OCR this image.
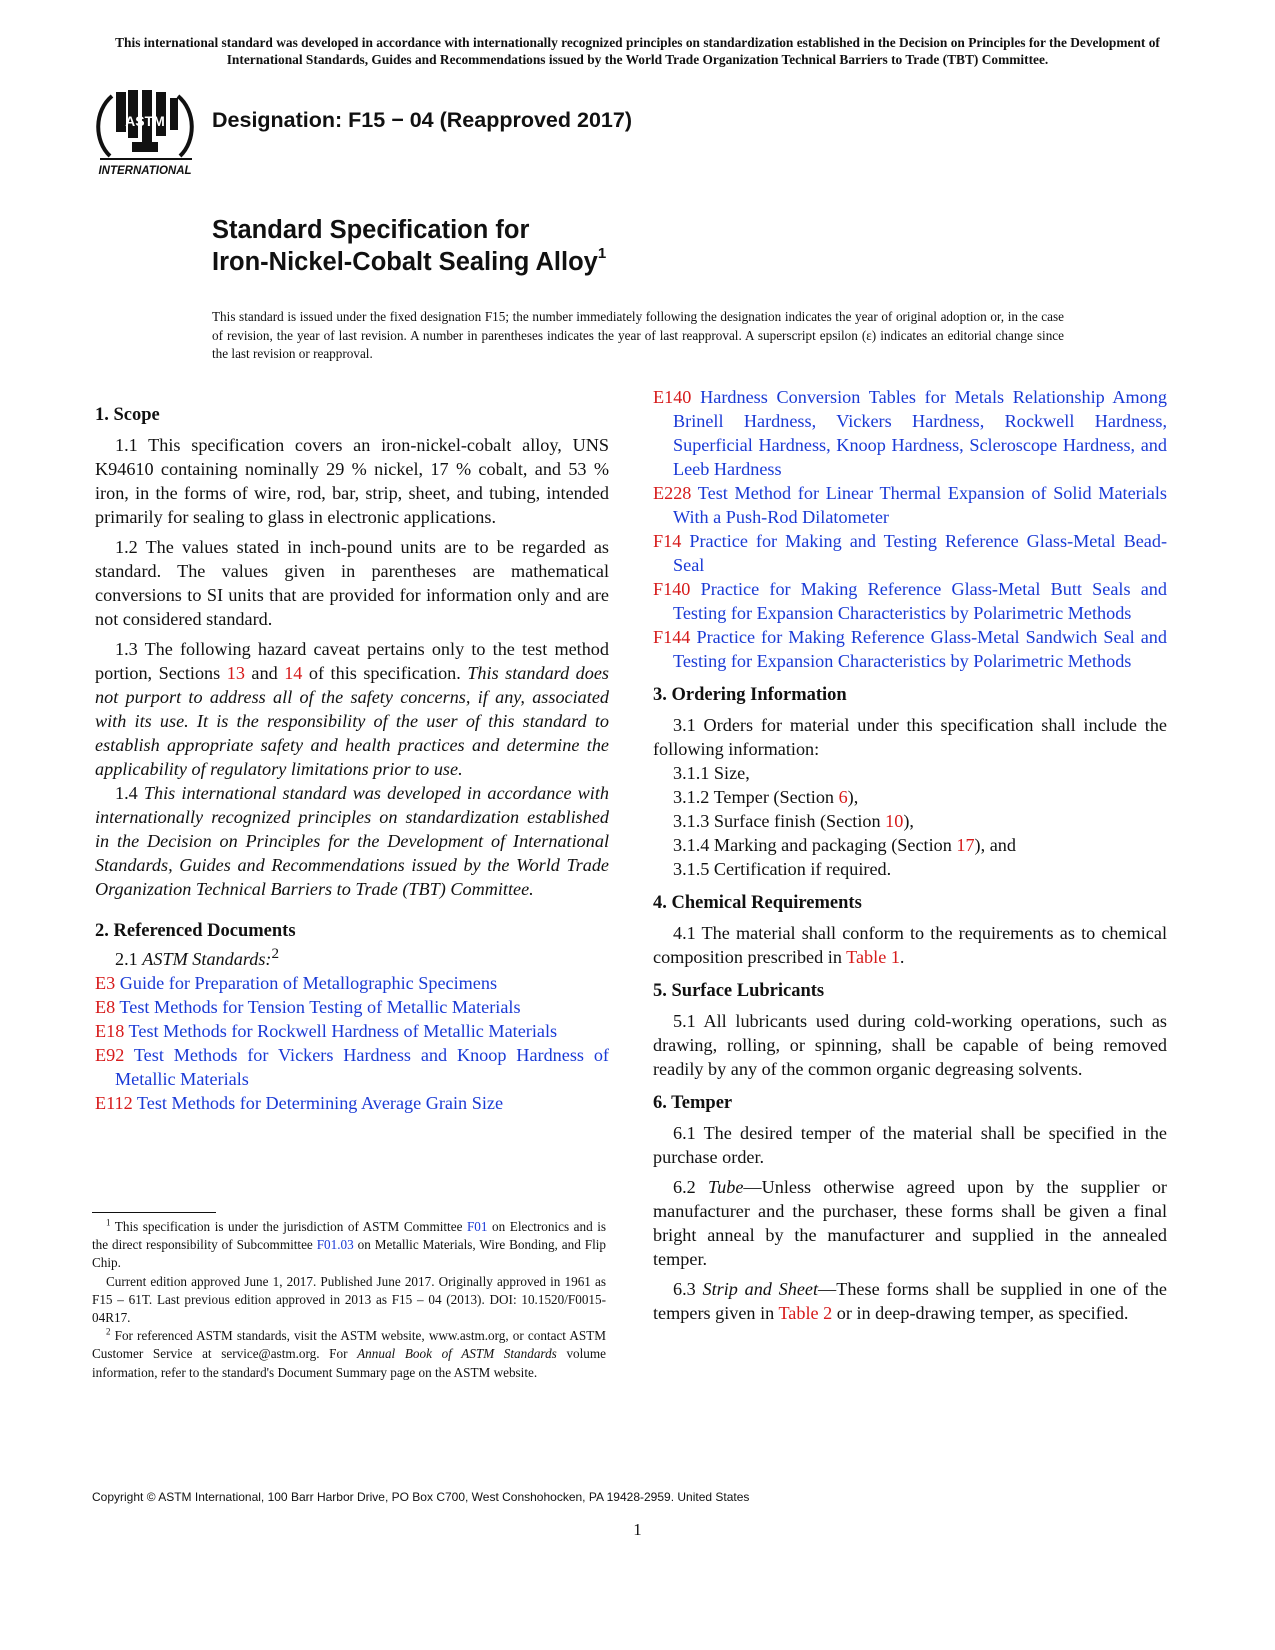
This international standard was developed in accordance with internationally recognized principles on standardization established in the Decision on Principles for the Development of International Standards, Guides and Recommendations issued by the World Trade Organization Technical Barriers to Trade (TBT) Committee.
ASTM
INTERNATIONAL
Designation: F15 − 04 (Reapproved 2017)
Standard Specification for
Iron-Nickel-Cobalt Sealing Alloy$^1$
This standard is issued under the fixed designation F15; the number immediately following the designation indicates the year of original adoption or, in the case of revision, the year of last revision. A number in parentheses indicates the year of last reapproval. A superscript epsilon (ε) indicates an editorial change since the last revision or reapproval.
1. Scope

1.1 This specification covers an iron-nickel-cobalt alloy, UNS K94610 containing nominally 29 % nickel, 17 % cobalt, and 53 % iron, in the forms of wire, rod, bar, strip, sheet, and tubing, intended primarily for sealing to glass in electronic applications.

1.2 The values stated in inch-pound units are to be regarded as standard. The values given in parentheses are mathematical conversions to SI units that are provided for information only and are not considered standard.

1.3 The following hazard caveat pertains only to the test method portion, Sections 13 and 14 of this specification. This standard does not purport to address all of the safety concerns, if any, associated with its use. It is the responsibility of the user of this standard to establish appropriate safety and health practices and determine the applicability of regulatory limitations prior to use.

1.4 This international standard was developed in accordance with internationally recognized principles on standardization established in the Decision on Principles for the Development of International Standards, Guides and Recommendations issued by the World Trade Organization Technical Barriers to Trade (TBT) Committee.

2. Referenced Documents

2.1 ASTM Standards:$^2$

E3 Guide for Preparation of Metallographic Specimens

E8 Test Methods for Tension Testing of Metallic Materials

E18 Test Methods for Rockwell Hardness of Metallic Materials

E92 Test Methods for Vickers Hardness and Knoop Hardness of Metallic Materials

E112 Test Methods for Determining Average Grain Size

E140 Hardness Conversion Tables for Metals Relationship Among Brinell Hardness, Vickers Hardness, Rockwell Hardness, Superficial Hardness, Knoop Hardness, Scleroscope Hardness, and Leeb Hardness

E228 Test Method for Linear Thermal Expansion of Solid Materials With a Push-Rod Dilatometer

F14 Practice for Making and Testing Reference Glass-Metal Bead-Seal

F140 Practice for Making Reference Glass-Metal Butt Seals and Testing for Expansion Characteristics by Polarimetric Methods

F144 Practice for Making Reference Glass-Metal Sandwich Seal and Testing for Expansion Characteristics by Polarimetric Methods

3. Ordering Information

3.1 Orders for material under this specification shall include the following information:

3.1.1 Size,

3.1.2 Temper (Section 6),

3.1.3 Surface finish (Section 10),

3.1.4 Marking and packaging (Section 17), and

3.1.5 Certification if required.

4. Chemical Requirements

4.1 The material shall conform to the requirements as to chemical composition prescribed in Table 1.

5. Surface Lubricants

5.1 All lubricants used during cold-working operations, such as drawing, rolling, or spinning, shall be capable of being removed readily by any of the common organic degreasing solvents.

6. Temper

6.1 The desired temper of the material shall be specified in the purchase order.

6.2 Tube—Unless otherwise agreed upon by the supplier or manufacturer and the purchaser, these forms shall be given a final bright anneal by the manufacturer and supplied in the annealed temper.

6.3 Strip and Sheet—These forms shall be supplied in one of the tempers given in Table 2 or in deep-drawing temper, as specified.

$^1$ This specification is under the jurisdiction of ASTM Committee F01 on Electronics and is the direct responsibility of Subcommittee F01.03 on Metallic Materials, Wire Bonding, and Flip Chip.

Current edition approved June 1, 2017. Published June 2017. Originally approved in 1961 as F15 – 61T. Last previous edition approved in 2013 as F15 – 04 (2013). DOI: 10.1520/F0015-04R17.

$^2$ For referenced ASTM standards, visit the ASTM website, www.astm.org, or contact ASTM Customer Service at service@astm.org. For Annual Book of ASTM Standards volume information, refer to the standard's Document Summary page on the ASTM website.

Copyright © ASTM International, 100 Barr Harbor Drive, PO Box C700, West Conshohocken, PA 19428-2959. United States
1
